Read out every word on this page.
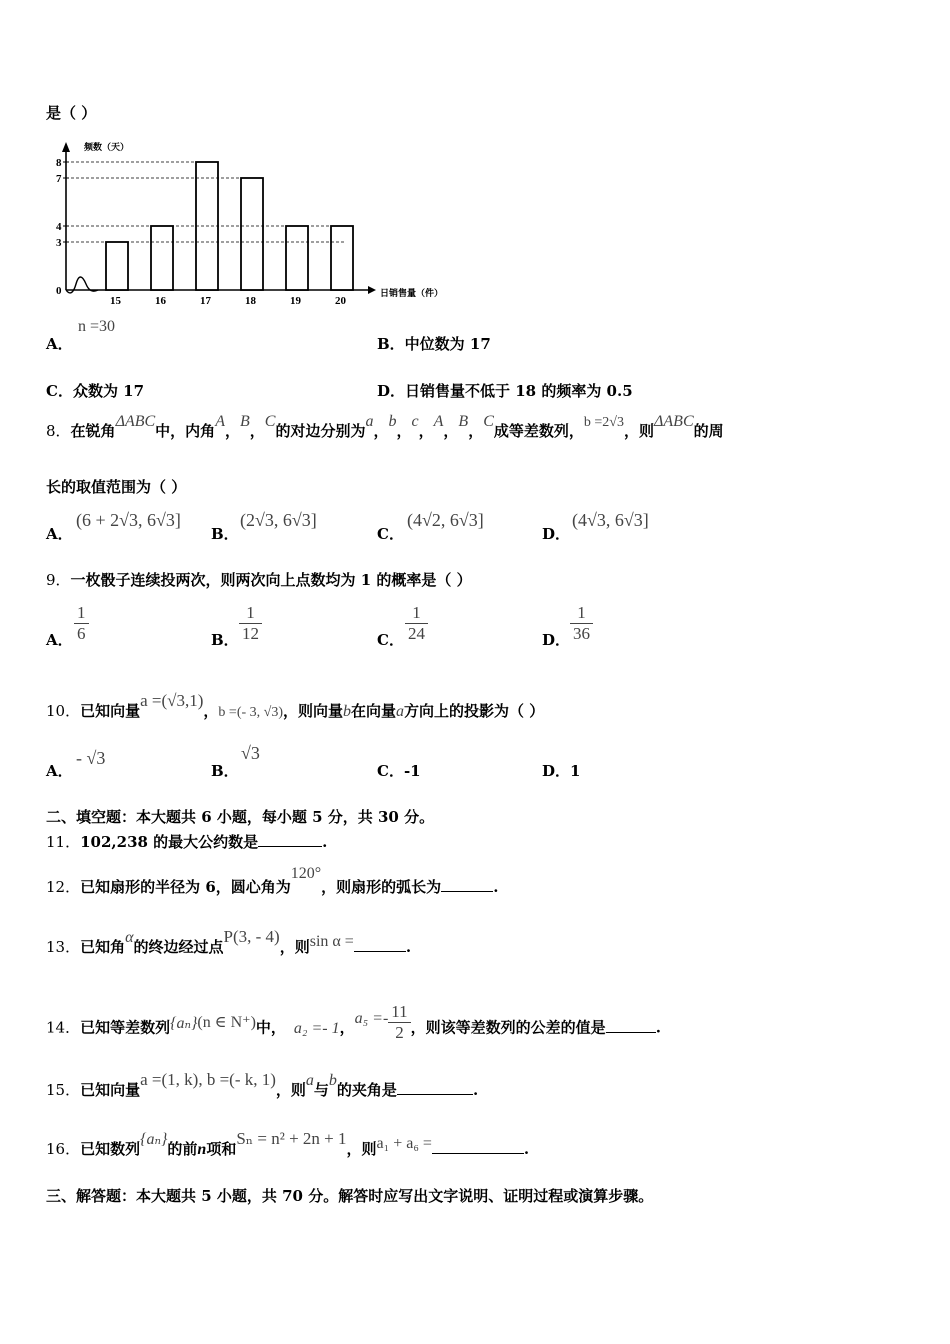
是（ ）
频数（天）
日销售量（件）
0
3
4
7
8
15	16	17	18	19	20
A．
n =30
B．中位数为 17
C．众数为 17	D．日销售量不低于 18 的频率为 0.5
8．在锐角ΔABC中，内角A，B，C的对边分别为a，b，c，A，B，C成等差数列，b =2√3，则ΔABC的周
长的取值范围为（ ）
A．
(6 + 2√3, 6√3]
B．
(2√3, 6√3]
C．
(4√2, 6√3]
D．
(4√3, 6√3]
9．一枚骰子连续投两次，则两次向上点数均为 1 的概率是（ ）
A． $\frac{1}{6}$	B． $\frac{1}{12}$	C． $\frac{1}{24}$	D． $\frac{1}{36}$
10．已知向量a =(√3,1)，b =(- 3, √3)，则向量b在向量a方向上的投影为（ ）
A．
- √3
B．
√3
C．-1	D．1
二、填空题：本大题共 6 小题，每小题 5 分，共 30 分。
11．102,238 的最大公约数是	.
12．已知扇形的半径为 6，圆心角为120°，则扇形的弧长为	.
13．已知角α的终边经过点P(3, - 4)，则sin α =	.
14．已知等差数列{aₙ}(n ∈ N⁺)中， a₂ =- 1，$a_5 =- \frac{11}{2}$ ，则该等差数列的公差的值是	.
15．已知向量a =(1, k), b =(- k, 1)，则a与b的夹角是	.
16．已知数列{aₙ}的前n项和Sₙ = n² + 2n + 1，则a₁ + a₆ =	.
三、解答题：本大题共 5 小题，共 70 分。解答时应写出文字说明、证明过程或演算步骤。
